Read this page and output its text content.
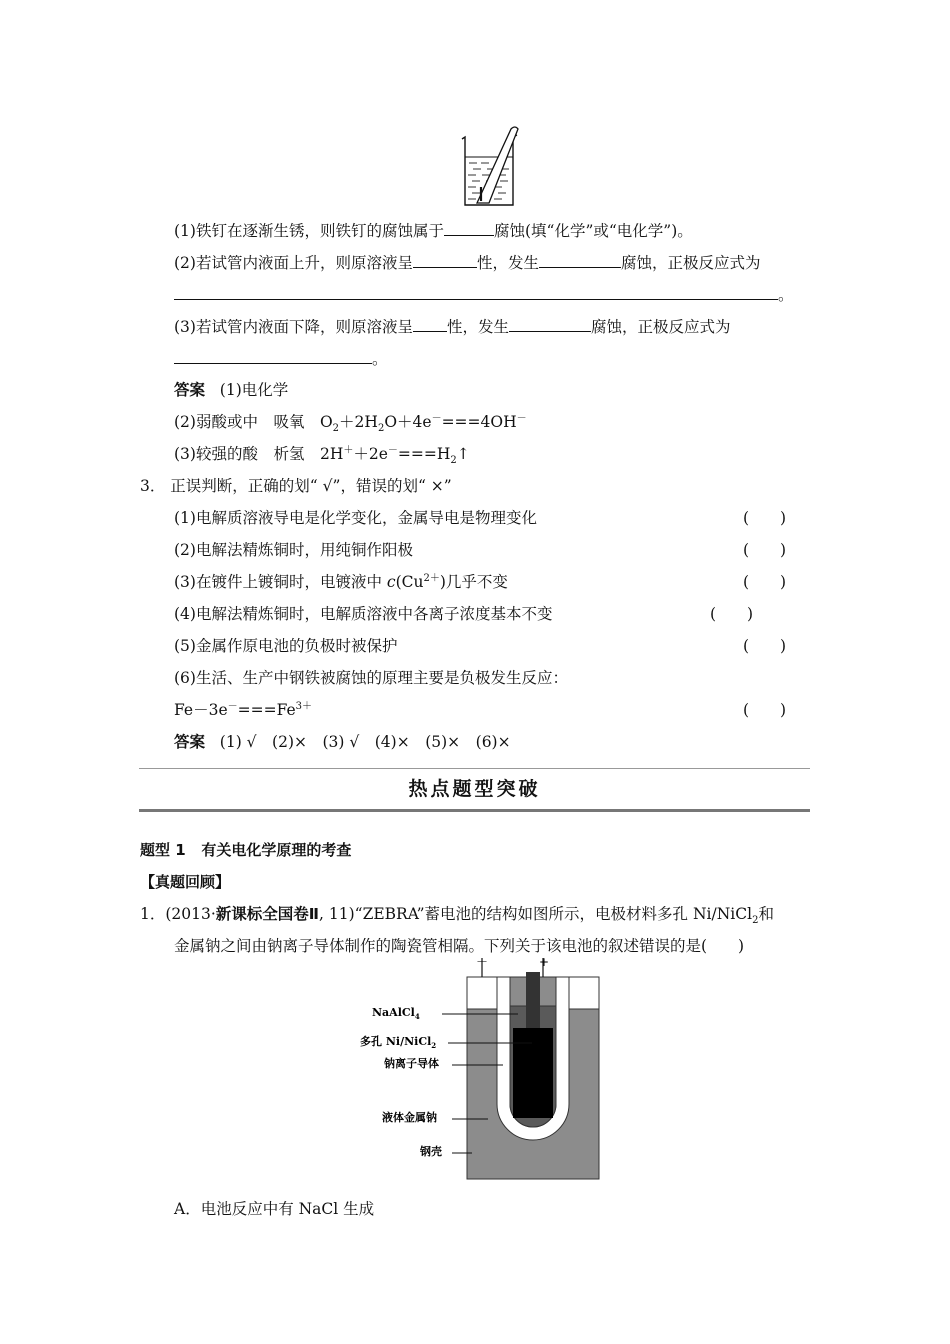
(1)铁钉在逐渐生锈，则铁钉的腐蚀属于	腐蚀(填“化学”或“电化学”)。
(2)若试管内液面上升，则原溶液呈	性，发生	腐蚀，正极反应式为
。
(3)若试管内液面下降，则原溶液呈 性，发生	腐蚀，正极反应式为
。
答案 (1)电化学
(2)弱酸或中　吸氧　$O_2+2H_2O+4e^-===4OH^-$
(3)较强的酸　析氢　$2H^++2e^-===H_2↑$
3． 正误判断，正确的划“ √”，错误的划“ ×”
(1)电解质溶液导电是化学变化，金属导电是物理变化	(　　)
(2)电解法精炼铜时，用纯铜作阳极	(　　)
(3)在镀件上镀铜时，电镀液中 $c(Cu^{2+})$几乎不变	(　　)
(4)电解法精炼铜时，电解质溶液中各离子浓度基本不变	(　　)
(5)金属作原电池的负极时被保护	(　　)
(6)生活、生产中钢铁被腐蚀的原理主要是负极发生反应：
$Fe-3e^-===Fe^{3+}$	(　　)
答案 (1) √　(2)×　(3) √　(4)×　(5)×　(6)×
热点题型突破
题型 1 有关电化学原理的考查
【真题回顾】
1．(2013·新课标全国卷Ⅱ, 11)“ZEBRA”蓄电池的结构如图所示，电极材料多孔 Ni/NiCl$_2$和
金属钠之间由钠离子导体制作的陶瓷管相隔。下列关于该电池的叙述错误的是(　　)
－	+
NaAlCl$_4$
多孔 Ni/NiCl$_2$
钠离子导体
液体金属钠
钢壳
A．电池反应中有 NaCl 生成
